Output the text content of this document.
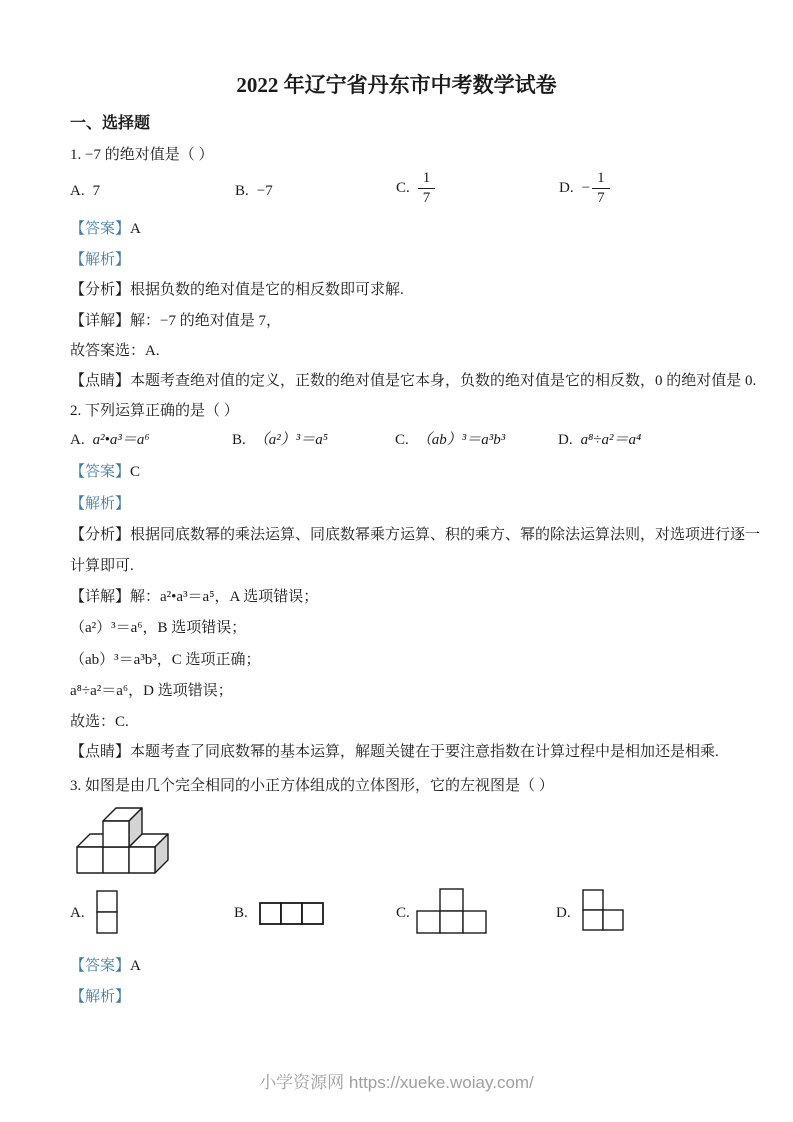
2022 年辽宁省丹东市中考数学试卷
一、选择题
1. −7 的绝对值是（ ）
A. 7	B. −7	C. $\frac{1}{7}$	D. − $\frac{1}{7}$
【答案】A
【解析】
【分析】根据负数的绝对值是它的相反数即可求解.
【详解】解：−7 的绝对值是 7，
故答案选：A.
【点睛】本题考查绝对值的定义，正数的绝对值是它本身，负数的绝对值是它的相反数，0 的绝对值是 0.
2. 下列运算正确的是（ ）
A. a²•a³＝a⁶	B. （a²）³＝a⁵	C. （ab）³＝a³b³	D. a⁸÷a²＝a⁴
【答案】C
【解析】
【分析】根据同底数幂的乘法运算、同底数幂乘方运算、积的乘方、幂的除法运算法则，对选项进行逐一
计算即可.
【详解】解：a²•a³＝a⁵，A 选项错误；
（a²）³＝a⁶，B 选项错误；
（ab）³＝a³b³，C 选项正确；
a⁸÷a²＝a⁶，D 选项错误；
故选：C.
【点睛】本题考查了同底数幂的基本运算，解题关键在于要注意指数在计算过程中是相加还是相乘.
3. 如图是由几个完全相同的小正方体组成的立体图形，它的左视图是（ ）
A.	B.	C.	D.
【答案】A
【解析】
小学资源网 https://xueke.woiay.com/
